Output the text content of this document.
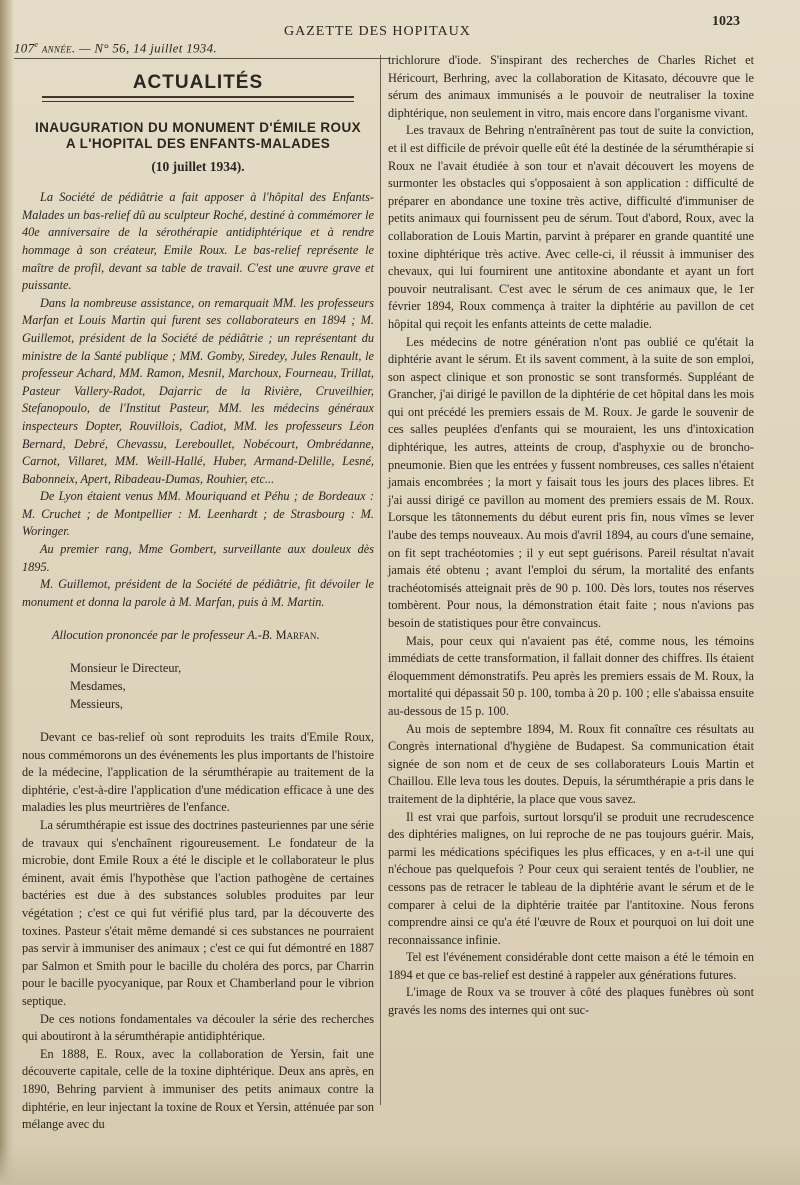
107e année. — N° 56, 14 juillet 1934.
GAZETTE DES HOPITAUX
1023
ACTUALITÉS
INAUGURATION DU MONUMENT D'ÉMILE ROUX
A L'HOPITAL DES ENFANTS-MALADES
(10 juillet 1934).

La Société de pédiâtrie a fait apposer à l'hôpital des Enfants-Malades un bas-relief dû au sculpteur Roché, destiné à commémorer le 40e anniversaire de la sérothérapie antidiphtérique et à rendre hommage à son créateur, Emile Roux. Le bas-relief représente le maître de profil, devant sa table de travail. C'est une œuvre grave et puissante.

Dans la nombreuse assistance, on remarquait MM. les professeurs Marfan et Louis Martin qui furent ses collaborateurs en 1894 ; M. Guillemot, président de la Société de pédiâtrie ; un représentant du ministre de la Santé publique ; MM. Gomby, Siredey, Jules Renault, le professeur Achard, MM. Ramon, Mesnil, Marchoux, Fourneau, Trillat, Pasteur Vallery-Radot, Dajarric de la Rivière, Cruveilhier, Stefanopoulo, de l'Institut Pasteur, MM. les médecins généraux inspecteurs Dopter, Rouvillois, Cadiot, MM. les professeurs Léon Bernard, Debré, Chevassu, Lereboullet, Nobécourt, Ombrédanne, Carnot, Villaret, MM. Weill-Hallé, Huber, Armand-Delille, Lesné, Babonneix, Apert, Ribadeau-Dumas, Rouhier, etc...

De Lyon étaient venus MM. Mouriquand et Péhu ; de Bordeaux : M. Cruchet ; de Montpellier : M. Leenhardt ; de Strasbourg : M. Woringer.

Au premier rang, Mme Gombert, surveillante aux douleux dès 1895.

M. Guillemot, président de la Société de pédiâtrie, fit dévoiler le monument et donna la parole à M. Marfan, puis à M. Martin.

Allocution prononcée par le professeur A.-B. Marfan.
Monsieur le Directeur,
Mesdames,
Messieurs,

Devant ce bas-relief où sont reproduits les traits d'Emile Roux, nous commémorons un des événements les plus importants de l'histoire de la médecine, l'application de la sérumthérapie au traitement de la diphtérie, c'est-à-dire l'application d'une médication efficace à une des maladies les plus meurtrières de l'enfance.

La sérumthérapie est issue des doctrines pasteuriennes par une série de travaux qui s'enchaînent rigoureusement. Le fondateur de la microbie, dont Emile Roux a été le disciple et le collaborateur le plus éminent, avait émis l'hypothèse que l'action pathogène de certaines bactéries est due à des substances solubles produites par leur végétation ; c'est ce qui fut vérifié plus tard, par la découverte des toxines. Pasteur s'était même demandé si ces substances ne pourraient pas servir à immuniser des animaux ; c'est ce qui fut démontré en 1887 par Salmon et Smith pour le bacille du choléra des porcs, par Charrin pour le bacille pyocyanique, par Roux et Chamberland pour le vibrion septique.

De ces notions fondamentales va découler la série des recherches qui aboutiront à la sérumthérapie antidiphtérique.

En 1888, E. Roux, avec la collaboration de Yersin, fait une découverte capitale, celle de la toxine diphtérique. Deux ans après, en 1890, Behring parvient à immuniser des petits animaux contre la diphtérie, en leur injectant la toxine de Roux et Yersin, atténuée par son mélange avec du

trichlorure d'iode. S'inspirant des recherches de Charles Richet et Héricourt, Berhring, avec la collaboration de Kitasato, découvre que le sérum des animaux immunisés a le pouvoir de neutraliser la toxine diphtérique, non seulement in vitro, mais encore dans l'organisme vivant.

Les travaux de Behring n'entraînèrent pas tout de suite la conviction, et il est difficile de prévoir quelle eût été la destinée de la sérumthérapie si Roux ne l'avait étudiée à son tour et n'avait découvert les moyens de surmonter les obstacles qui s'opposaient à son application : difficulté de préparer en abondance une toxine très active, difficulté d'immuniser de petits animaux qui fournissent peu de sérum. Tout d'abord, Roux, avec la collaboration de Louis Martin, parvint à préparer en grande quantité une toxine diphtérique très active. Avec celle-ci, il réussit à immuniser des chevaux, qui lui fournirent une antitoxine abondante et ayant un fort pouvoir neutralisant. C'est avec le sérum de ces animaux que, le 1er février 1894, Roux commença à traiter la diphtérie au pavillon de cet hôpital qui reçoit les enfants atteints de cette maladie.

Les médecins de notre génération n'ont pas oublié ce qu'était la diphtérie avant le sérum. Et ils savent comment, à la suite de son emploi, son aspect clinique et son pronostic se sont transformés. Suppléant de Grancher, j'ai dirigé le pavillon de la diphtérie de cet hôpital dans les mois qui ont précédé les premiers essais de M. Roux. Je garde le souvenir de ces salles peuplées d'enfants qui se mouraient, les uns d'intoxication diphtérique, les autres, atteints de croup, d'asphyxie ou de broncho-pneumonie. Bien que les entrées y fussent nombreuses, ces salles n'étaient jamais encombrées ; la mort y faisait tous les jours des places libres. Et j'ai aussi dirigé ce pavillon au moment des premiers essais de M. Roux. Lorsque les tâtonnements du début eurent pris fin, nous vîmes se lever l'aube des temps nouveaux. Au mois d'avril 1894, au cours d'une semaine, on fit sept trachéotomies ; il y eut sept guérisons. Pareil résultat n'avait jamais été obtenu ; avant l'emploi du sérum, la mortalité des enfants trachéotomisés atteignait près de 90 p. 100. Dès lors, toutes nos réserves tombèrent. Pour nous, la démonstration était faite ; nous n'avions pas besoin de statistiques pour être convaincus.

Mais, pour ceux qui n'avaient pas été, comme nous, les témoins immédiats de cette transformation, il fallait donner des chiffres. Ils étaient éloquemment démonstratifs. Peu après les premiers essais de M. Roux, la mortalité qui dépassait 50 p. 100, tomba à 20 p. 100 ; elle s'abaissa ensuite au-dessous de 15 p. 100.

Au mois de septembre 1894, M. Roux fit connaître ces résultats au Congrès international d'hygiène de Budapest. Sa communication était signée de son nom et de ceux de ses collaborateurs Louis Martin et Chaillou. Elle leva tous les doutes. Depuis, la sérumthérapie a pris dans le traitement de la diphtérie, la place que vous savez.

Il est vrai que parfois, surtout lorsqu'il se produit une recrudescence des diphtéries malignes, on lui reproche de ne pas toujours guérir. Mais, parmi les médications spécifiques les plus efficaces, y en a-t-il une qui n'échoue pas quelquefois ? Pour ceux qui seraient tentés de l'oublier, ne cessons pas de retracer le tableau de la diphtérie avant le sérum et de le comparer à celui de la diphtérie traitée par l'antitoxine. Nous ferons comprendre ainsi ce qu'a été l'œuvre de Roux et pourquoi on lui doit une reconnaissance infinie.

Tel est l'événement considérable dont cette maison a été le témoin en 1894 et que ce bas-relief est destiné à rappeler aux générations futures.

L'image de Roux va se trouver à côté des plaques funèbres où sont gravés les noms des internes qui ont suc-
